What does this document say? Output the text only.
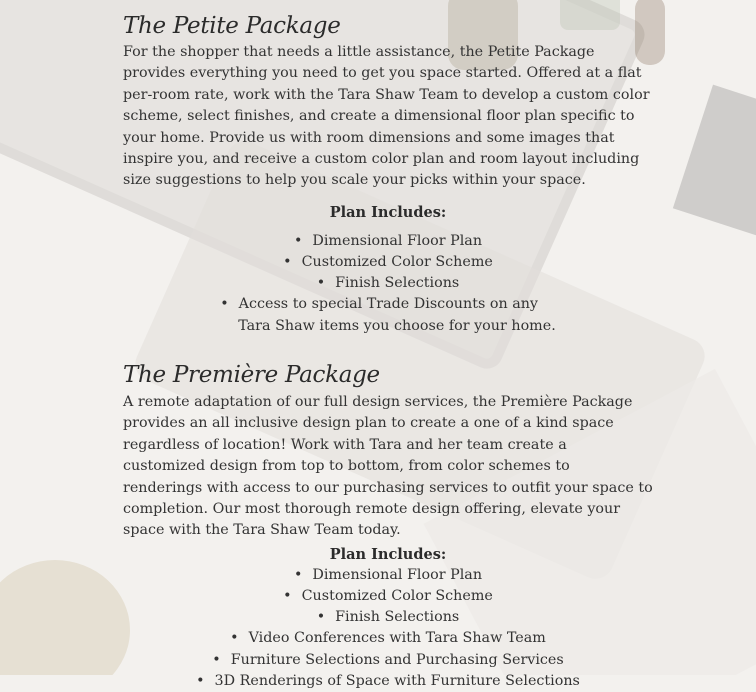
The Petite Package

For the shopper that needs a little assistance, the Petite Package provides everything you need to get you space started. Offered at a flat per-room rate, work with the Tara Shaw Team to develop a custom color scheme, select finishes, and create a dimensional floor plan specific to your home. Provide us with room dimensions and some images that inspire you, and receive a custom color plan and room layout including size suggestions to help you scale your picks within your space.

Plan Includes:
• Dimensional Floor Plan
• Customized Color Scheme
• Finish Selections
• Access to special Trade Discounts on any
Tara Shaw items you choose for your home.
The Première Package

A remote adaptation of our full design services, the Première Package provides an all inclusive design plan to create a one of a kind space regardless of location! Work with Tara and her team create a customized design from top to bottom, from color schemes to renderings with access to our purchasing services to outfit your space to completion. Our most thorough remote design offering, elevate your space with the Tara Shaw Team today.

Plan Includes:
• Dimensional Floor Plan
• Customized Color Scheme
• Finish Selections
• Video Conferences with Tara Shaw Team
• Furniture Selections and Purchasing Services
• 3D Renderings of Space with Furniture Selections
